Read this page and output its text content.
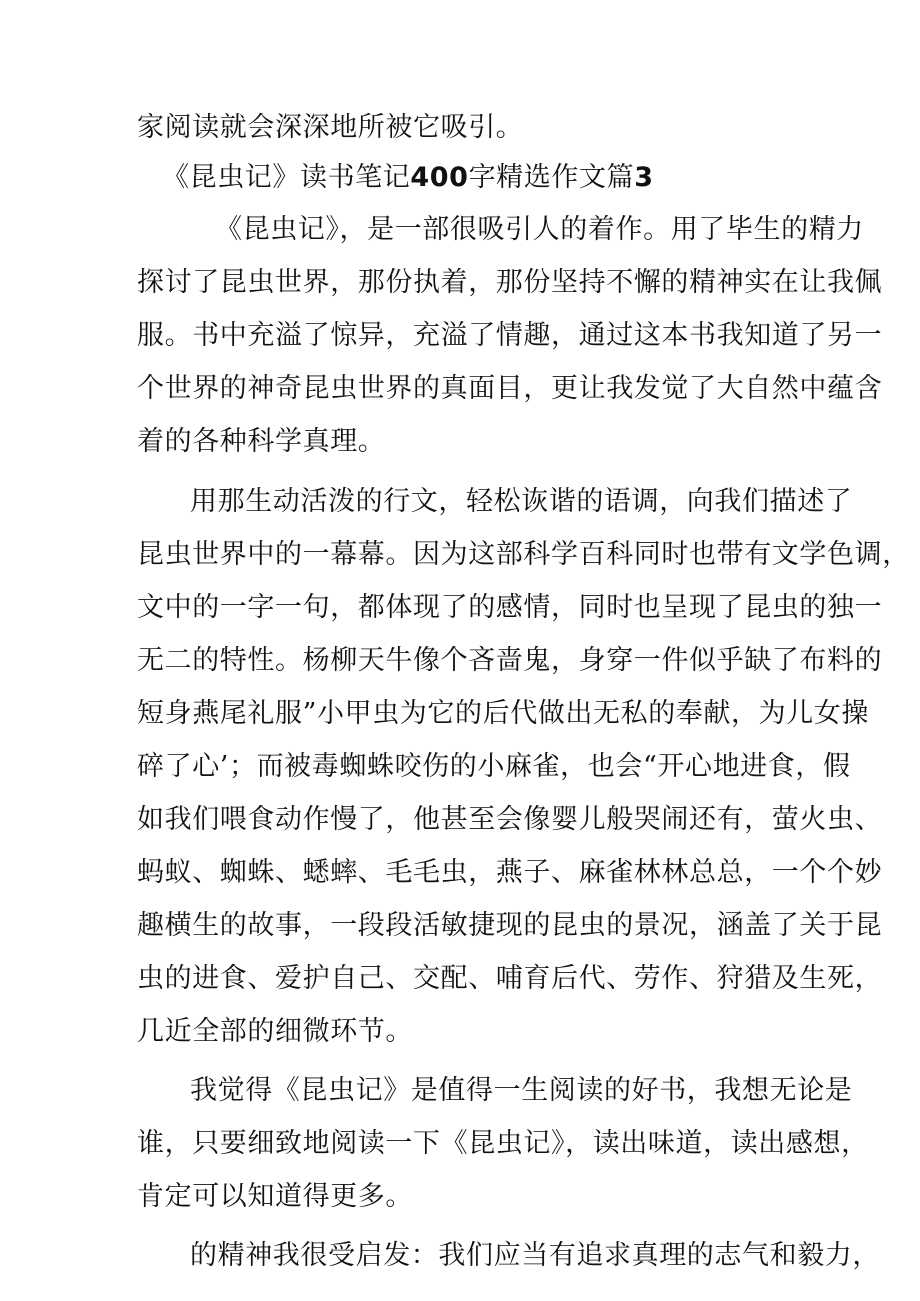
家阅读就会深深地所被它吸引。
《昆虫记》读书笔记400字精选作文篇3
《昆虫记》，是一部很吸引人的着作。用了毕生的精力
探讨了昆虫世界，那份执着，那份坚持不懈的精神实在让我佩
服。书中充溢了惊异，充溢了情趣，通过这本书我知道了另一
个世界的神奇昆虫世界的真面目，更让我发觉了大自然中蕴含
着的各种科学真理。
用那生动活泼的行文，轻松诙谐的语调，向我们描述了
昆虫世界中的一幕幕。因为这部科学百科同时也带有文学色调，
文中的一字一句，都体现了的感情，同时也呈现了昆虫的独一
无二的特性。杨柳天牛像个吝啬鬼，身穿一件似乎缺了布料的
短身燕尾礼服”小甲虫为它的后代做出无私的奉献，为儿女操
碎了心’；而被毒蜘蛛咬伤的小麻雀，也会“开心地进食，假
如我们喂食动作慢了，他甚至会像婴儿般哭闹还有，萤火虫、
蚂蚁、蜘蛛、蟋蟀、毛毛虫，燕子、麻雀林林总总，一个个妙
趣横生的故事，一段段活敏捷现的昆虫的景况，涵盖了关于昆
虫的进食、爱护自己、交配、哺育后代、劳作、狩猎及生死，
几近全部的细微环节。
我觉得《昆虫记》是值得一生阅读的好书，我想无论是
谁，只要细致地阅读一下《昆虫记》，读出味道，读出感想，
肯定可以知道得更多。
的精神我很受启发：我们应当有追求真理的志气和毅力，
